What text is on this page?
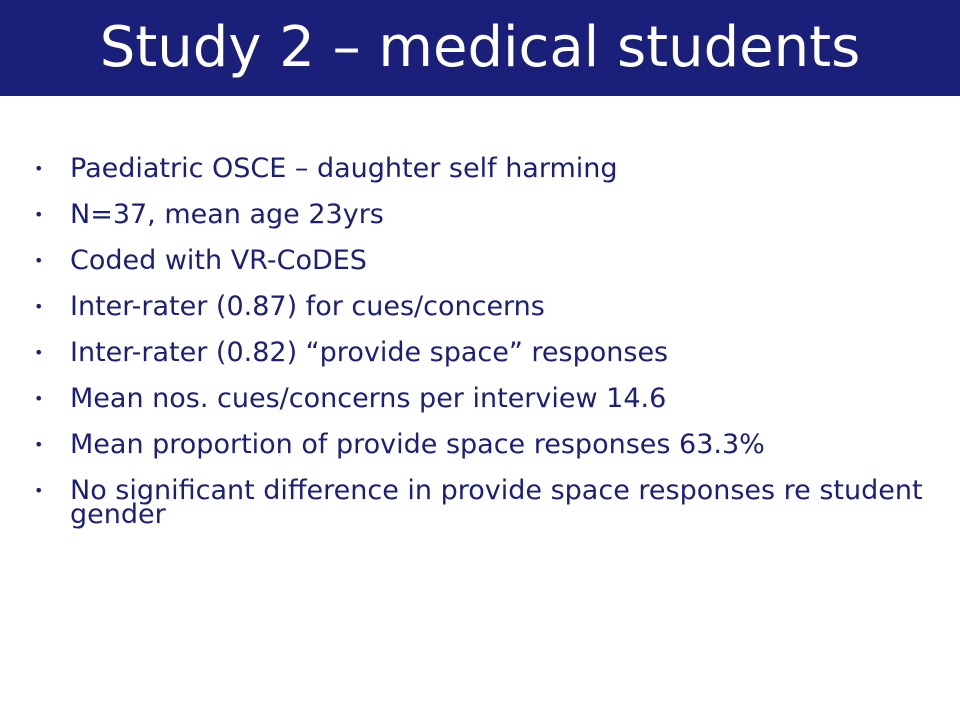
Study 2 – medical students
• Paediatric OSCE – daughter self harming
• N=37, mean age 23yrs
• Coded with VR-CoDES
• Inter-rater (0.87) for cues/concerns
• Inter-rater (0.82) “provide space” responses
• Mean nos. cues/concerns per interview 14.6
• Mean proportion of provide space responses 63.3%
• No significant difference in provide space responses re student gender
